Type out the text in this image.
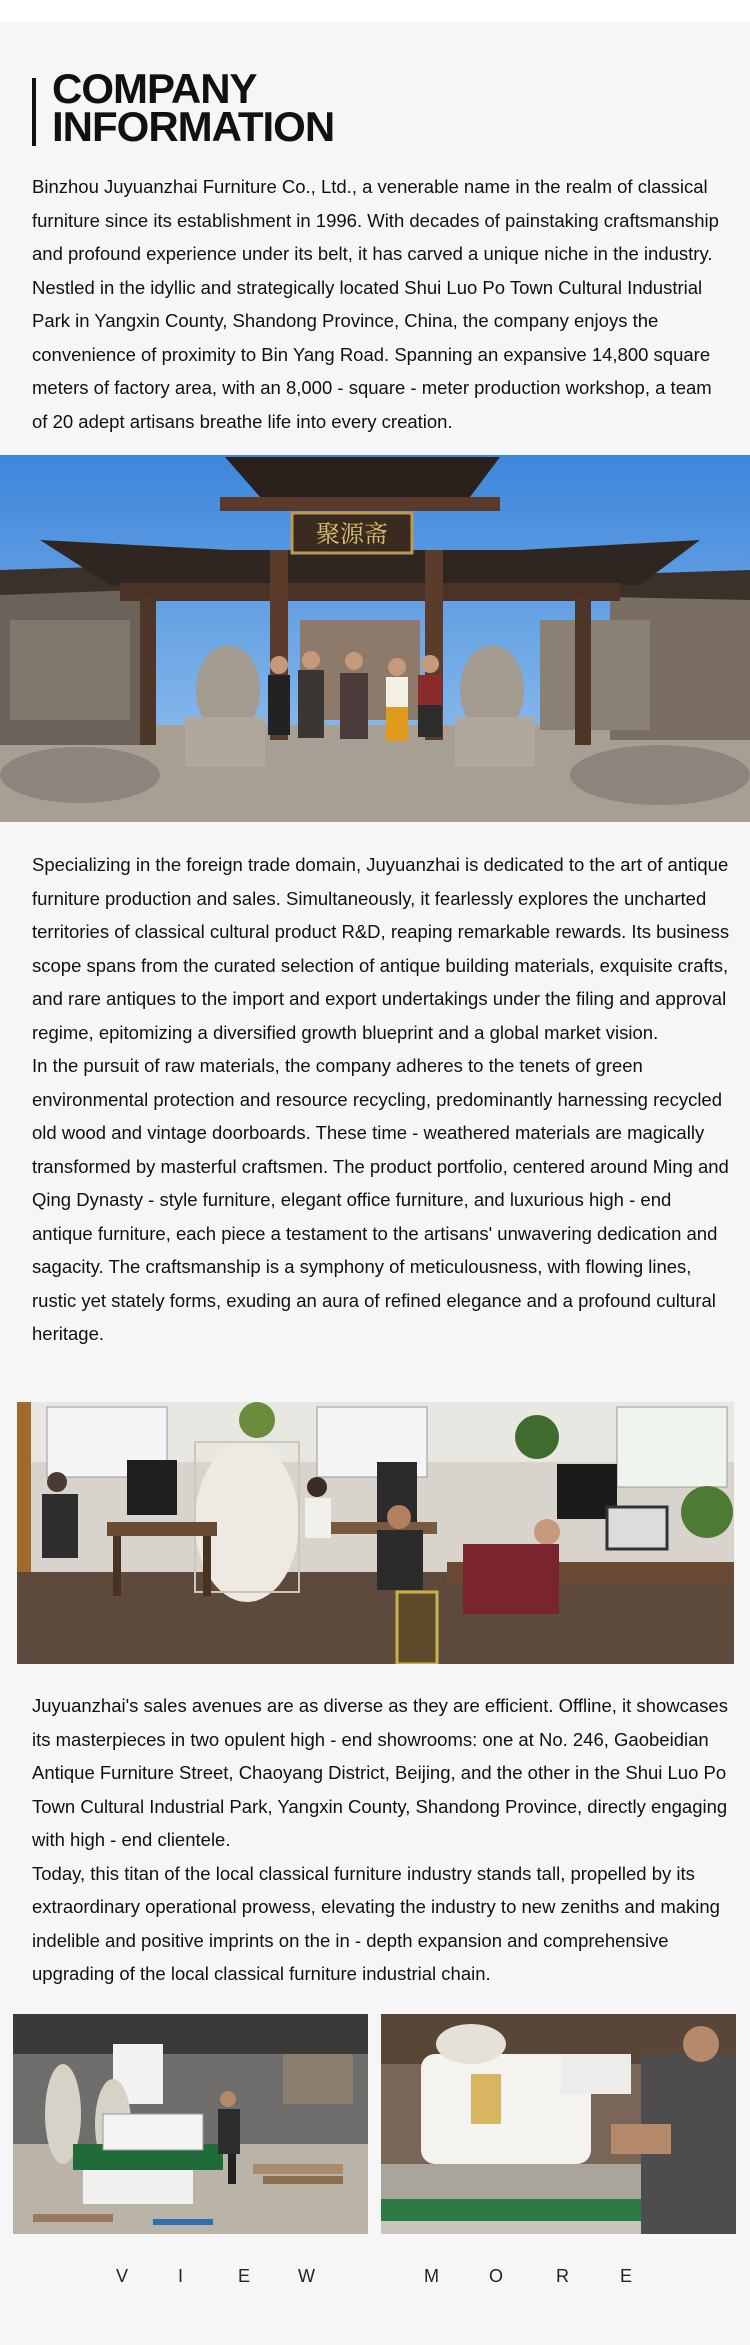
COMPANY
INFORMATION

Binzhou Juyuanzhai Furniture Co., Ltd., a venerable name in the realm of classical furniture since its establishment in 1996. With decades of painstaking craftsmanship and profound experience under its belt, it has carved a unique niche in the industry. Nestled in the idyllic and strategically located Shui Luo Po Town Cultural Industrial Park in Yangxin County, Shandong Province, China, the company enjoys the convenience of proximity to Bin Yang Road. Spanning an expansive 14,800 square meters of factory area, with an 8,000 - square - meter production workshop, a team of 20 adept artisans breathe life into every creation.

聚源斋

Specializing in the foreign trade domain, Juyuanzhai is dedicated to the art of antique furniture production and sales. Simultaneously, it fearlessly explores the uncharted territories of classical cultural product R&D, reaping remarkable rewards. Its business scope spans from the curated selection of antique building materials, exquisite crafts, and rare antiques to the import and export undertakings under the filing and approval regime, epitomizing a diversified growth blueprint and a global market vision.

In the pursuit of raw materials, the company adheres to the tenets of green environmental protection and resource recycling, predominantly harnessing recycled old wood and vintage doorboards. These time - weathered materials are magically transformed by masterful craftsmen. The product portfolio, centered around Ming and Qing Dynasty - style furniture, elegant office furniture, and luxurious high - end antique furniture, each piece a testament to the artisans' unwavering dedication and sagacity. The craftsmanship is a symphony of meticulousness, with flowing lines, rustic yet stately forms, exuding an aura of refined elegance and a profound cultural heritage.

Juyuanzhai's sales avenues are as diverse as they are efficient. Offline, it showcases its masterpieces in two opulent high - end showrooms: one at No. 246, Gaobeidian Antique Furniture Street, Chaoyang District, Beijing, and the other in the Shui Luo Po Town Cultural Industrial Park, Yangxin County, Shandong Province, directly engaging with high - end clientele.

Today, this titan of the local classical furniture industry stands tall, propelled by its extraordinary operational prowess, elevating the industry to new zeniths and making indelible and positive imprints on the in - depth expansion and comprehensive upgrading of the local classical furniture industrial chain.

V	I	E	W	M	O	R	E
